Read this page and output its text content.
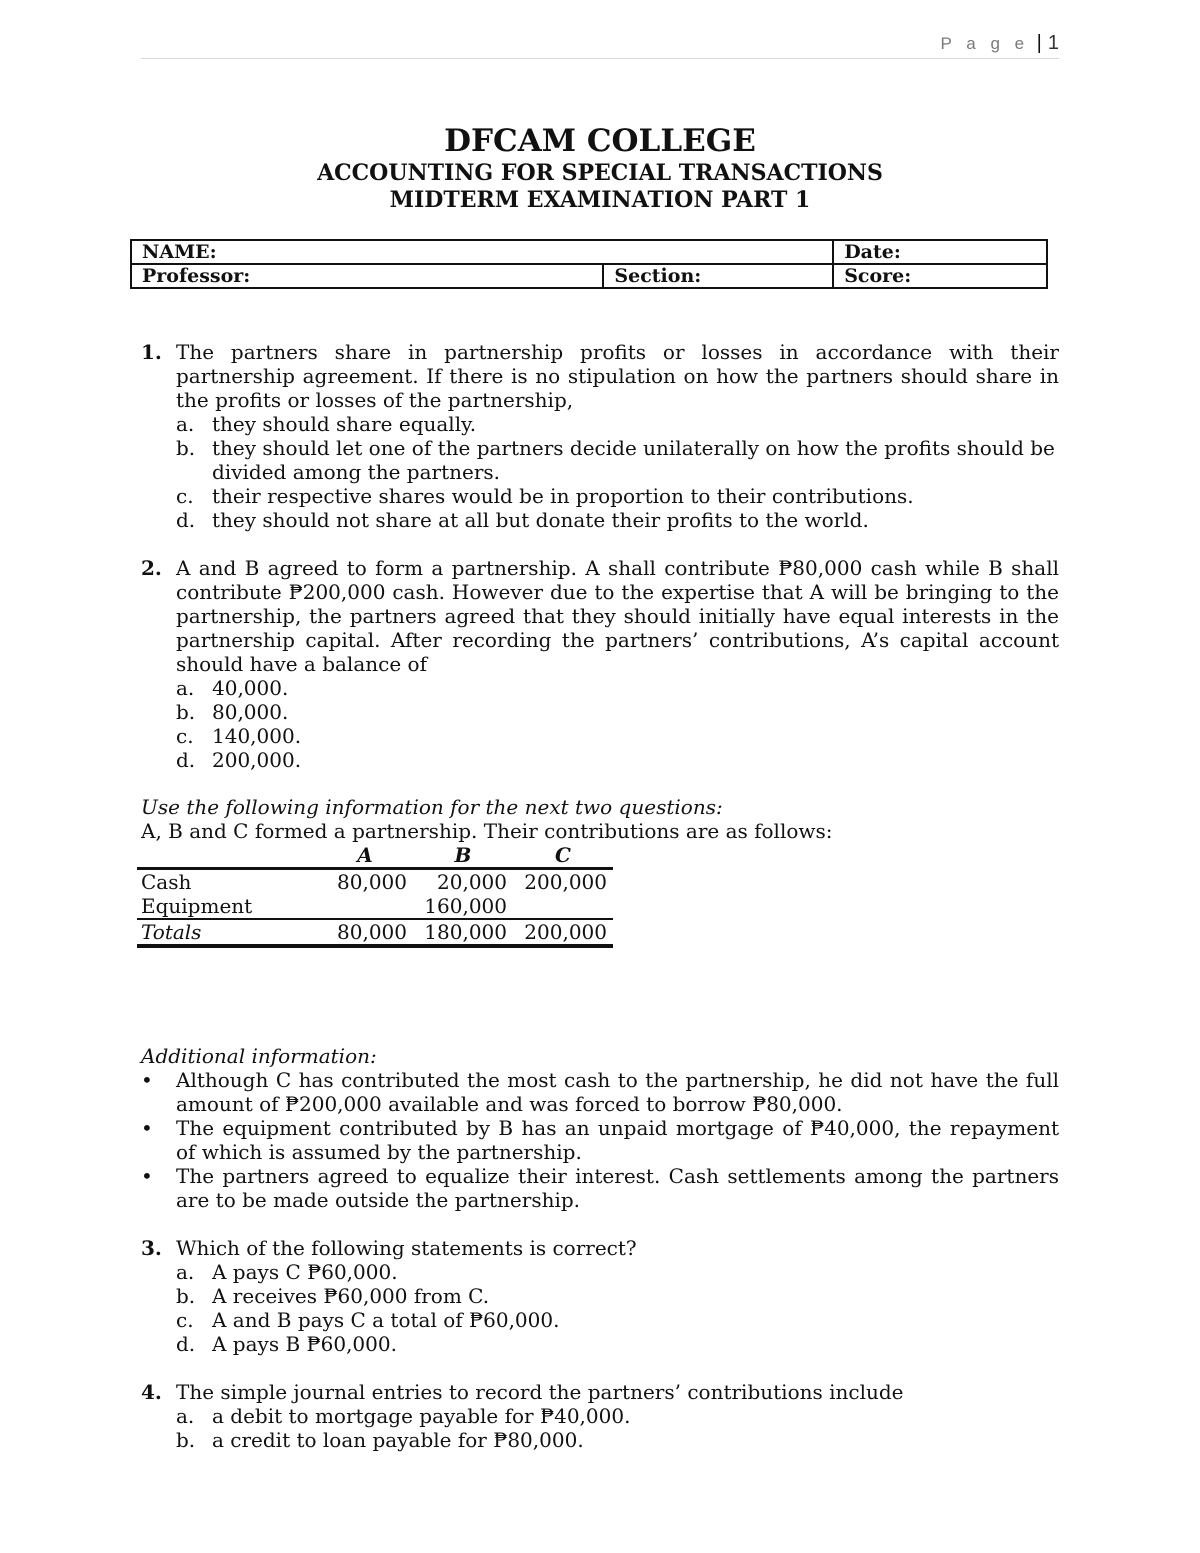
P a g e | 1
DFCAM COLLEGE
ACCOUNTING FOR SPECIAL TRANSACTIONS
MIDTERM EXAMINATION PART 1
NAME:		Date:
Professor:	Section:	Score:
1. The partners share in partnership profits or losses in accordance with their partnership agreement. If there is no stipulation on how the partners should share in the profits or losses of the partnership,
a. they should share equally.
b. they should let one of the partners decide unilaterally on how the profits should be divided among the partners.
c. their respective shares would be in proportion to their contributions.
d. they should not share at all but donate their profits to the world.
2. A and B agreed to form a partnership. A shall contribute ₱80,000 cash while B shall contribute ₱200,000 cash. However due to the expertise that A will be bringing to the partnership, the partners agreed that they should initially have equal interests in the partnership capital. After recording the partners’ contributions, A’s capital account should have a balance of
a. 40,000.
b. 80,000.
c. 140,000.
d. 200,000.
Use the following information for the next two questions:
A, B and C formed a partnership. Their contributions are as follows:
	A	B	C
Cash	80,000	20,000	200,000
Equipment		160,000	
Totals	80,000	180,000	200,000
Additional information:
• Although C has contributed the most cash to the partnership, he did not have the full amount of ₱200,000 available and was forced to borrow ₱80,000.
• The equipment contributed by B has an unpaid mortgage of ₱40,000, the repayment of which is assumed by the partnership.
• The partners agreed to equalize their interest. Cash settlements among the partners are to be made outside the partnership.
3. Which of the following statements is correct?
a. A pays C ₱60,000.
b. A receives ₱60,000 from C.
c. A and B pays C a total of ₱60,000.
d. A pays B ₱60,000.
4. The simple journal entries to record the partners’ contributions include
a. a debit to mortgage payable for ₱40,000.
b. a credit to loan payable for ₱80,000.
